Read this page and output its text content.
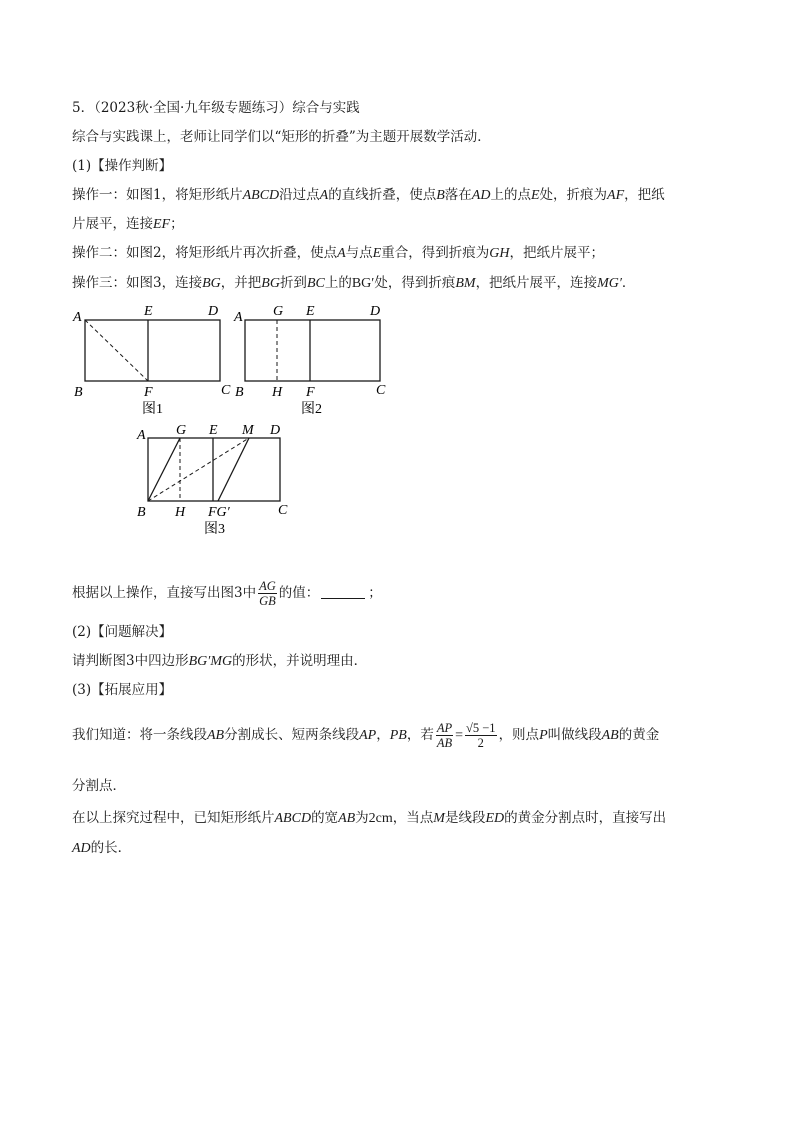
5．（2023秋·全国·九年级专题练习）综合与实践
综合与实践课上，老师让同学们以“矩形的折叠”为主题开展数学活动．
(1)【操作判断】
操作一：如图1，将矩形纸片ABCD沿过点A的直线折叠，使点B落在AD上的点E处，折痕为AF，把纸
片展平，连接EF；
操作二：如图2，将矩形纸片再次折叠，使点A与点E重合，得到折痕为GH，把纸片展平；
操作三：如图3，连接BG，并把BG折到BC上的BG′处，得到折痕BM，把纸片展平，连接MG′．
A	E	D
B	F	C
图1
A G E	D
B H F	C
图2
A G E M D
B H FG′	C
图3
根据以上操作，直接写出图3中 $\frac{AG}{GB}$ 的值：	；
(2)【问题解决】
请判断图3中四边形BG′MG的形状，并说明理由．
(3)【拓展应用】
我们知道：将一条线段AB分割成长、短两条线段AP，PB，若 $\frac{AP}{AB} = \frac{√5 -1}{2}$ ，则点P叫做线段AB的黄金
分割点．
在以上探究过程中，已知矩形纸片ABCD的宽AB为2cm，当点M是线段ED的黄金分割点时，直接写出
AD的长．
